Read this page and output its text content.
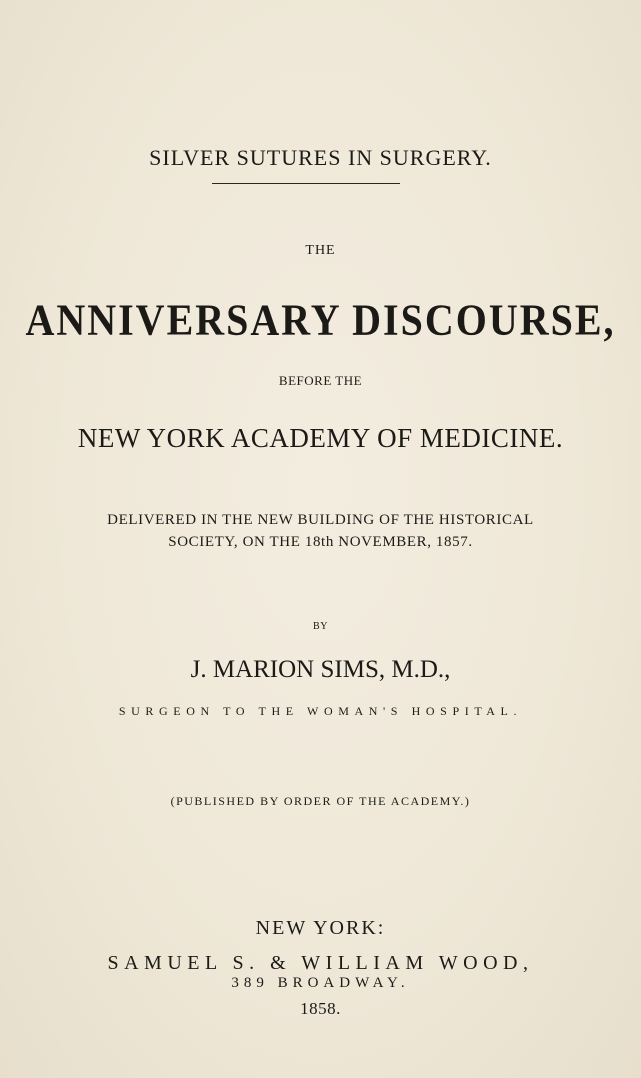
SILVER SUTURES IN SURGERY.
THE
ANNIVERSARY DISCOURSE,
BEFORE THE
NEW YORK ACADEMY OF MEDICINE.
DELIVERED IN THE NEW BUILDING OF THE HISTORICAL
SOCIETY, ON THE 18th NOVEMBER, 1857.
BY
J. MARION SIMS, M.D.,
SURGEON TO THE WOMAN'S HOSPITAL.
(PUBLISHED BY ORDER OF THE ACADEMY.)
NEW YORK:
SAMUEL S. & WILLIAM WOOD,
389 BROADWAY.
1858.
